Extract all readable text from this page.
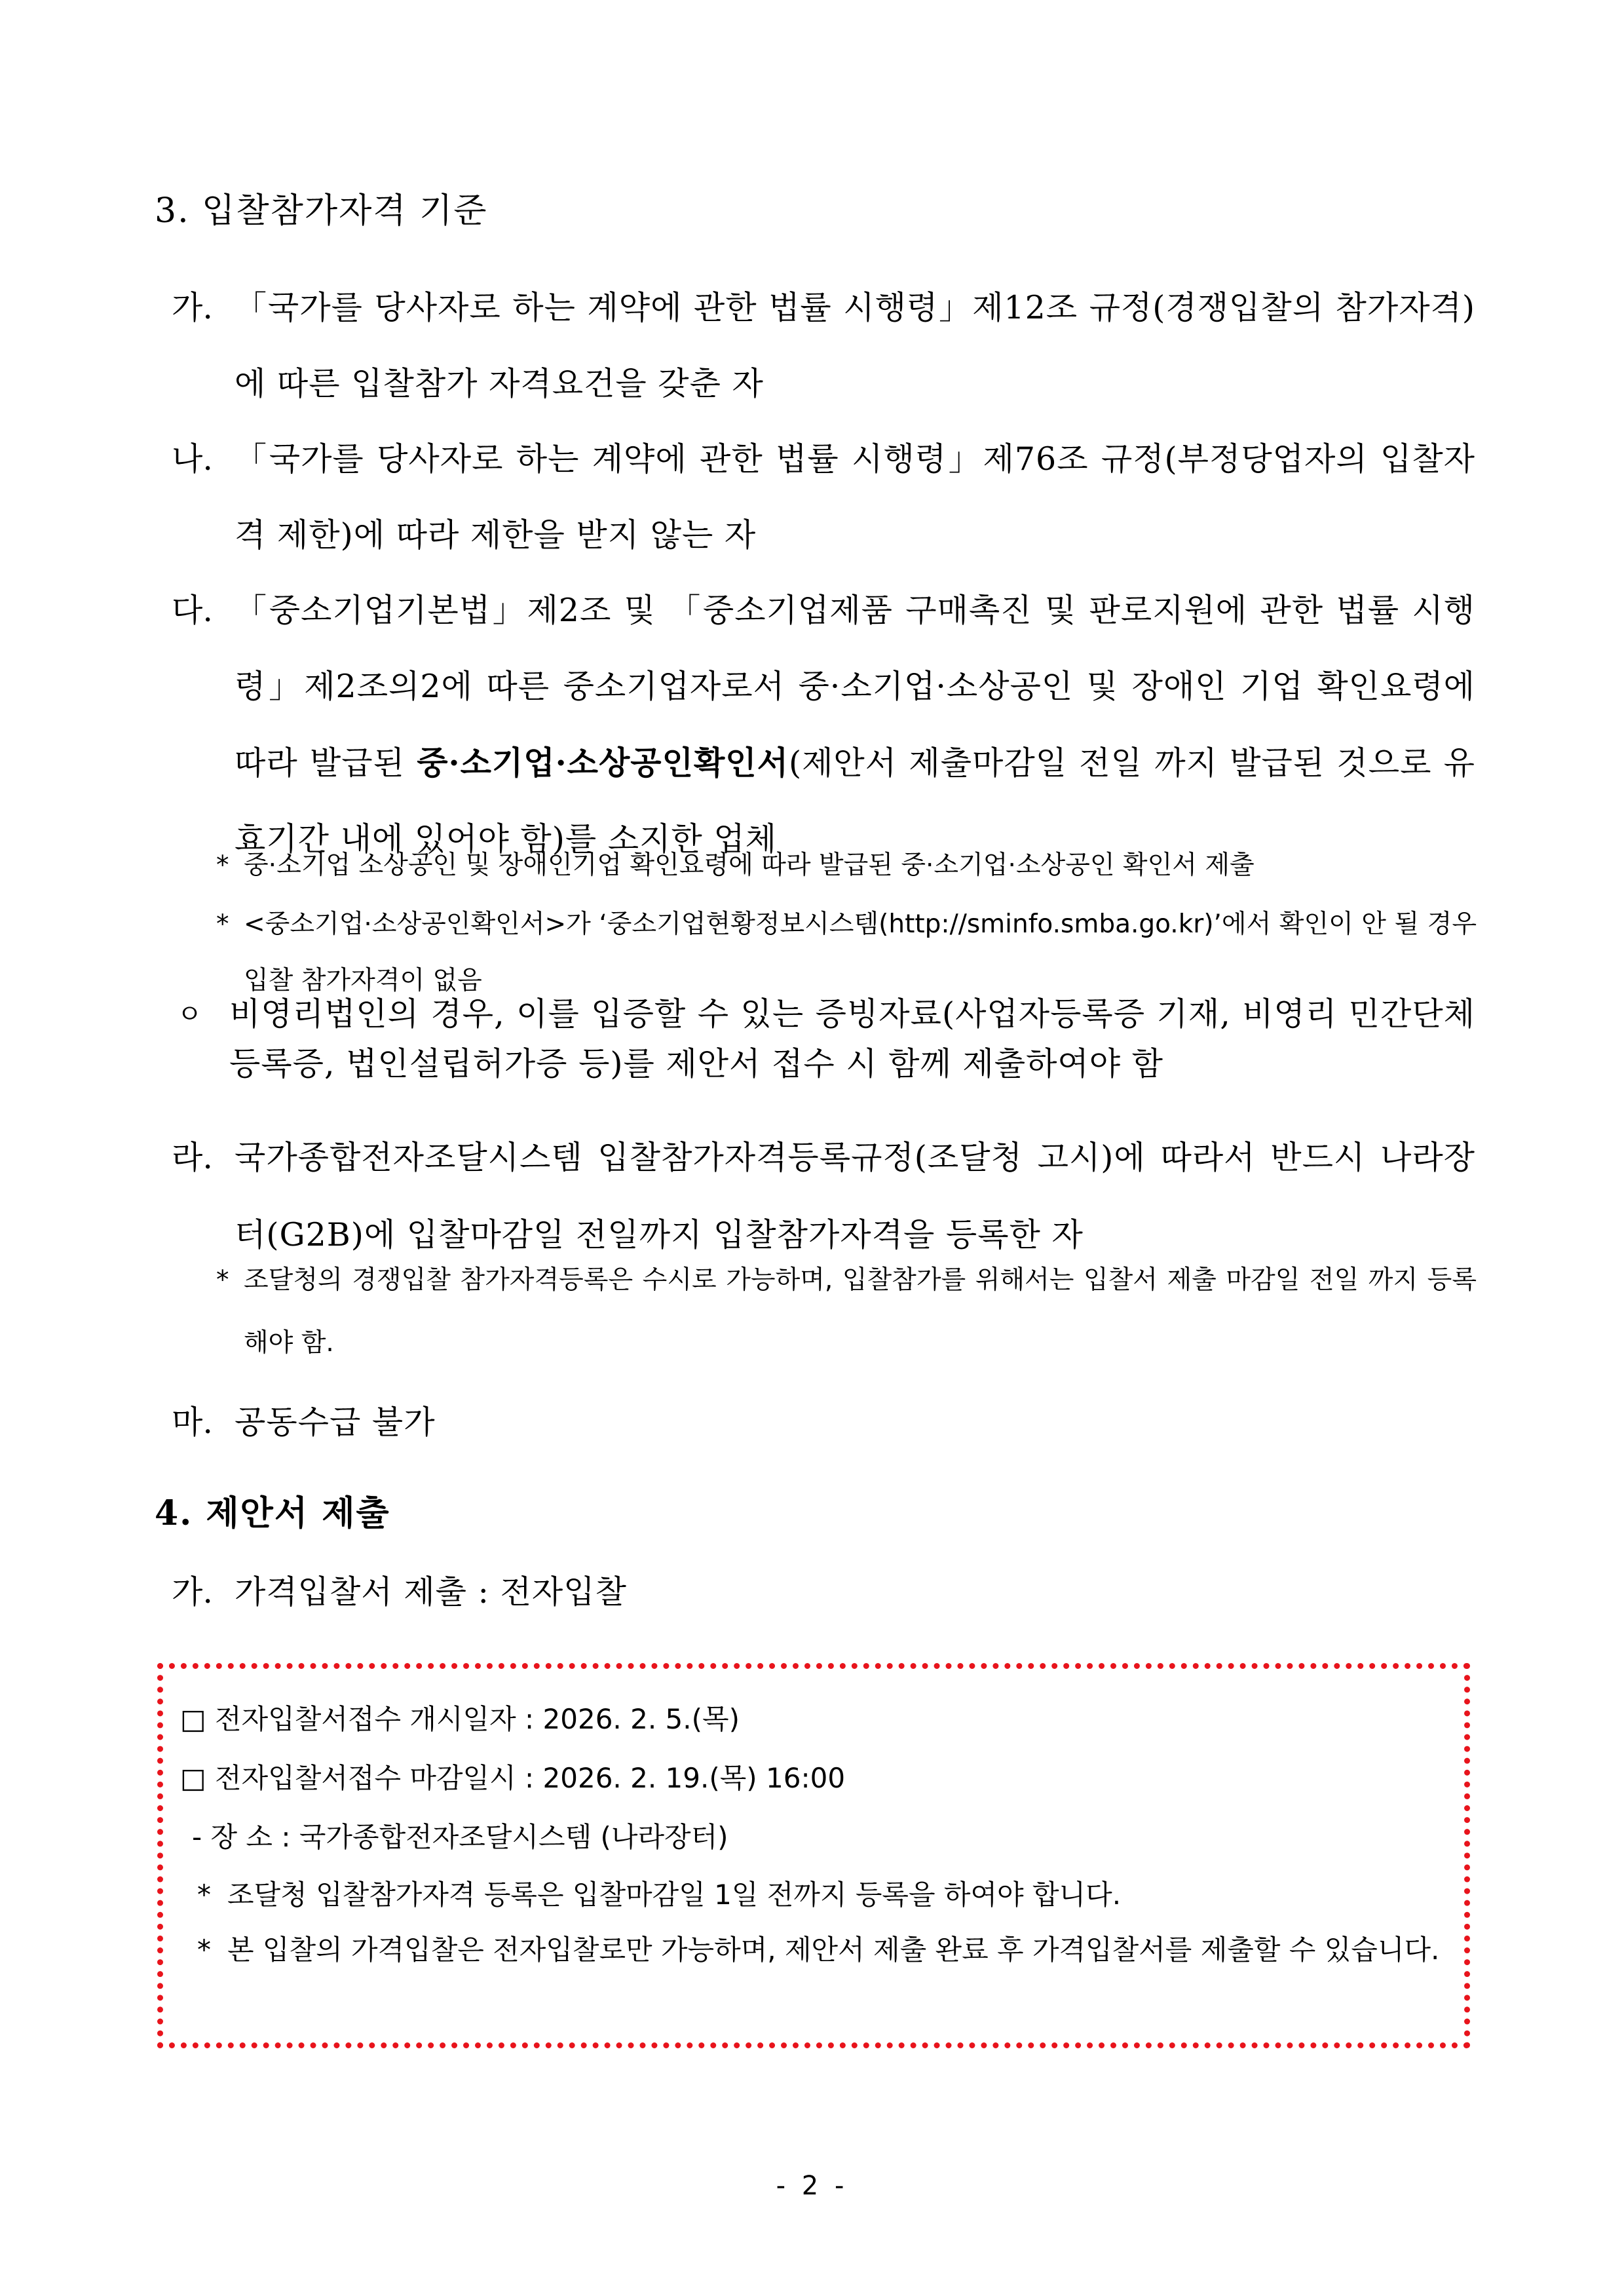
3. 입찰참가자격 기준
가. 「국가를 당사자로 하는 계약에 관한 법률 시행령」제12조 규정(경쟁입찰의 참가자격)에 따른 입찰참가 자격요건을 갖춘 자
나. 「국가를 당사자로 하는 계약에 관한 법률 시행령」제76조 규정(부정당업자의 입찰자격 제한)에 따라 제한을 받지 않는 자
다. 「중소기업기본법」제2조 및 「중소기업제품 구매촉진 및 판로지원에 관한 법률 시행령」제2조의2에 따른 중소기업자로서 중·소기업·소상공인 및 장애인 기업 확인요령에 따라 발급된 중·소기업·소상공인확인서(제안서 제출마감일 전일 까지 발급된 것으로 유효기간 내에 있어야 함)를 소지한 업체
* 중·소기업 소상공인 및 장애인기업 확인요령에 따라 발급된 중·소기업·소상공인 확인서 제출
* <중소기업·소상공인확인서>가 ‘중소기업현황정보시스템(http://sminfo.smba.go.kr)’에서 확인이 안 될 경우 입찰 참가자격이 없음
ㅇ 비영리법인의 경우, 이를 입증할 수 있는 증빙자료(사업자등록증 기재, 비영리 민간단체등록증, 법인설립허가증 등)를 제안서 접수 시 함께 제출하여야 함
라. 국가종합전자조달시스템 입찰참가자격등록규정(조달청 고시)에 따라서 반드시 나라장터(G2B)에 입찰마감일 전일까지 입찰참가자격을 등록한 자
* 조달청의 경쟁입찰 참가자격등록은 수시로 가능하며, 입찰참가를 위해서는 입찰서 제출 마감일 전일 까지 등록 해야 함.
마. 공동수급 불가
4. 제안서 제출
가. 가격입찰서 제출 : 전자입찰
□ 전자입찰서접수 개시일자 : 2026. 2. 5.(목)
□ 전자입찰서접수 마감일시 : 2026. 2. 19.(목) 16:00
- 장 소 : 국가종합전자조달시스템 (나라장터)
* 조달청 입찰참가자격 등록은 입찰마감일 1일 전까지 등록을 하여야 합니다.
* 본 입찰의 가격입찰은 전자입찰로만 가능하며, 제안서 제출 완료 후 가격입찰서를 제출할 수 있습니다.
- 2 -
